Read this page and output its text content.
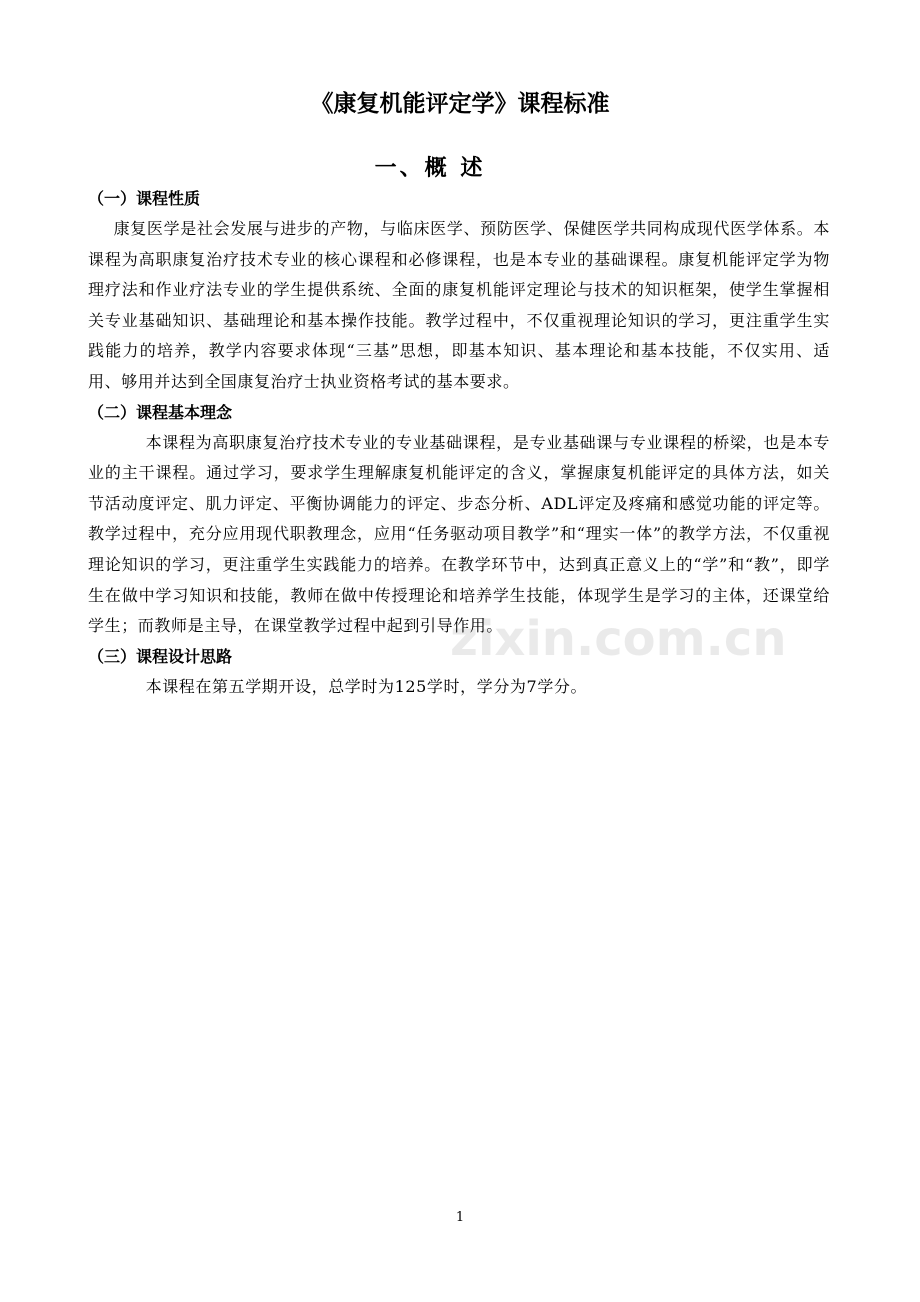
《康复机能评定学》课程标准
一、概 述
（一）课程性质

康复医学是社会发展与进步的产物，与临床医学、预防医学、保健医学共同构成现代医学体系。本课程为高职康复治疗技术专业的核心课程和必修课程，也是本专业的基础课程。康复机能评定学为物理疗法和作业疗法专业的学生提供系统、全面的康复机能评定理论与技术的知识框架，使学生掌握相关专业基础知识、基础理论和基本操作技能。教学过程中，不仅重视理论知识的学习，更注重学生实践能力的培养，教学内容要求体现“三基”思想，即基本知识、基本理论和基本技能，不仅实用、适用、够用并达到全国康复治疗士执业资格考试的基本要求。

（二）课程基本理念

本课程为高职康复治疗技术专业的专业基础课程，是专业基础课与专业课程的桥梁，也是本专业的主干课程。通过学习，要求学生理解康复机能评定的含义，掌握康复机能评定的具体方法，如关节活动度评定、肌力评定、平衡协调能力的评定、步态分析、ADL评定及疼痛和感觉功能的评定等。教学过程中，充分应用现代职教理念，应用“任务驱动项目教学”和“理实一体”的教学方法，不仅重视理论知识的学习，更注重学生实践能力的培养。在教学环节中，达到真正意义上的“学”和“教”，即学生在做中学习知识和技能，教师在做中传授理论和培养学生技能，体现学生是学习的主体，还课堂给学生；而教师是主导，在课堂教学过程中起到引导作用。

（三）课程设计思路

本课程在第五学期开设，总学时为125学时，学分为7学分。

zixin.com.cn
1
